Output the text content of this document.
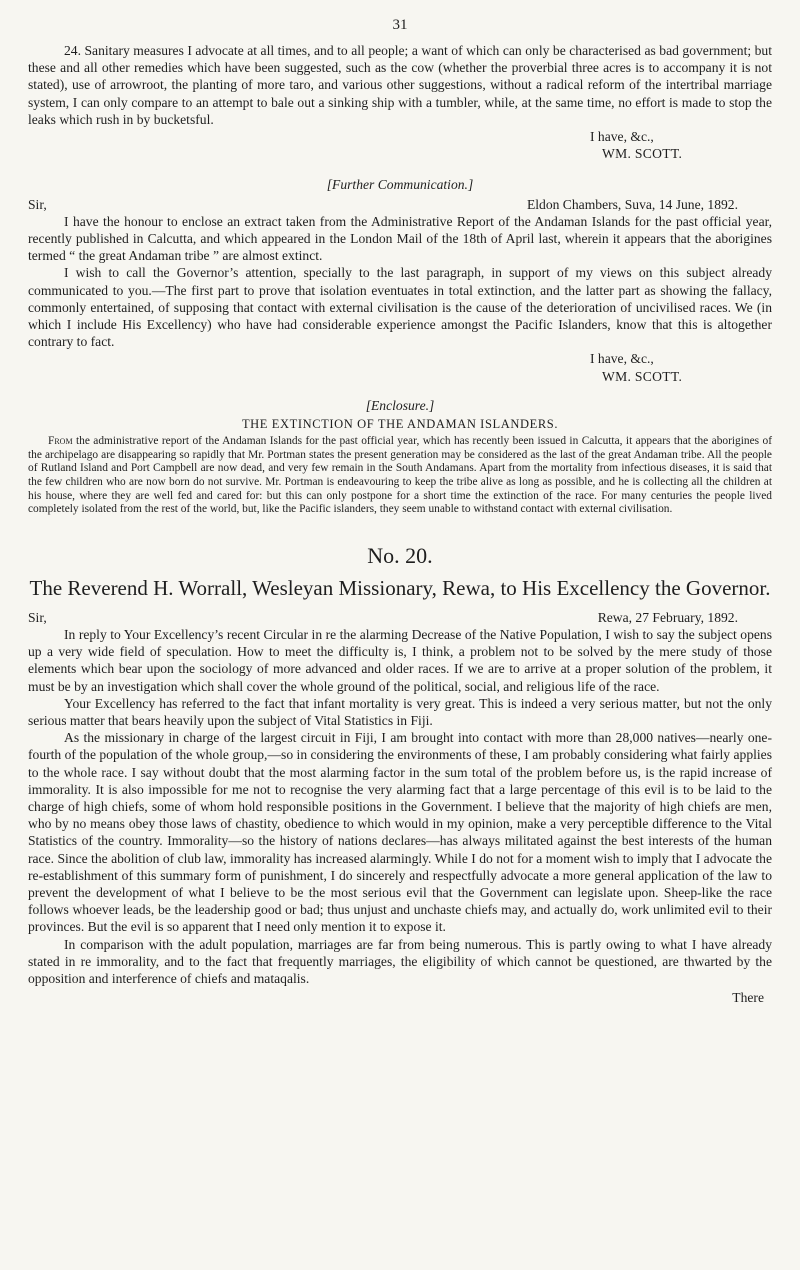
31

24. Sanitary measures I advocate at all times, and to all people; a want of which can only be characterised as bad government; but these and all other remedies which have been suggested, such as the cow (whether the proverbial three acres is to accompany it is not stated), use of arrowroot, the planting of more taro, and various other suggestions, without a radical reform of the intertribal marriage system, I can only compare to an attempt to bale out a sinking ship with a tumbler, while, at the same time, no effort is made to stop the leaks which rush in by bucketsful.

I have, &c.,
WM. SCOTT.
[Further Communication.]
Sir,	Eldon Chambers, Suva, 14 June, 1892.

I have the honour to enclose an extract taken from the Administrative Report of the Andaman Islands for the past official year, recently published in Calcutta, and which appeared in the London Mail of the 18th of April last, wherein it appears that the aborigines termed “ the great Andaman tribe ” are almost extinct.

I wish to call the Governor’s attention, specially to the last paragraph, in support of my views on this subject already communicated to you.—The first part to prove that isolation eventuates in total extinction, and the latter part as showing the fallacy, commonly entertained, of supposing that contact with external civilisation is the cause of the deterioration of uncivilised races. We (in which I include His Excellency) who have had considerable experience amongst the Pacific Islanders, know that this is altogether contrary to fact.

I have, &c.,
WM. SCOTT.
[Enclosure.]
THE EXTINCTION OF THE ANDAMAN ISLANDERS.

From the administrative report of the Andaman Islands for the past official year, which has recently been issued in Calcutta, it appears that the aborigines of the archipelago are disappearing so rapidly that Mr. Portman states the present generation may be considered as the last of the great Andaman tribe. All the people of Rutland Island and Port Campbell are now dead, and very few remain in the South Andamans. Apart from the mortality from infectious diseases, it is said that the few children who are now born do not survive. Mr. Portman is endeavouring to keep the tribe alive as long as possible, and he is collecting all the children at his house, where they are well fed and cared for: but this can only postpone for a short time the extinction of the race. For many centuries the people lived completely isolated from the rest of the world, but, like the Pacific islanders, they seem unable to withstand contact with external civilisation.

No. 20.
The Reverend H. Worrall, Wesleyan Missionary, Rewa, to His Excellency the Governor.
Sir,	Rewa, 27 February, 1892.

In reply to Your Excellency’s recent Circular in re the alarming Decrease of the Native Population, I wish to say the subject opens up a very wide field of speculation. How to meet the difficulty is, I think, a problem not to be solved by the mere study of those elements which bear upon the sociology of more advanced and older races. If we are to arrive at a proper solution of the problem, it must be by an investigation which shall cover the whole ground of the political, social, and religious life of the race.

Your Excellency has referred to the fact that infant mortality is very great. This is indeed a very serious matter, but not the only serious matter that bears heavily upon the subject of Vital Statistics in Fiji.

As the missionary in charge of the largest circuit in Fiji, I am brought into contact with more than 28,000 natives—nearly one-fourth of the population of the whole group,—so in considering the environments of these, I am probably considering what fairly applies to the whole race. I say without doubt that the most alarming factor in the sum total of the problem before us, is the rapid increase of immorality. It is also impossible for me not to recognise the very alarming fact that a large percentage of this evil is to be laid to the charge of high chiefs, some of whom hold responsible positions in the Government. I believe that the majority of high chiefs are men, who by no means obey those laws of chastity, obedience to which would in my opinion, make a very perceptible difference to the Vital Statistics of the country. Immorality—so the history of nations declares—has always militated against the best interests of the human race. Since the abolition of club law, immorality has increased alarmingly. While I do not for a moment wish to imply that I advocate the re-establishment of this summary form of punishment, I do sincerely and respectfully advocate a more general application of the law to prevent the development of what I believe to be the most serious evil that the Government can legislate upon. Sheep-like the race follows whoever leads, be the leadership good or bad; thus unjust and unchaste chiefs may, and actually do, work unlimited evil to their provinces. But the evil is so apparent that I need only mention it to expose it.

In comparison with the adult population, marriages are far from being numerous. This is partly owing to what I have already stated in re immorality, and to the fact that frequently marriages, the eligibility of which cannot be questioned, are thwarted by the opposition and interference of chiefs and mataqalis.

There
